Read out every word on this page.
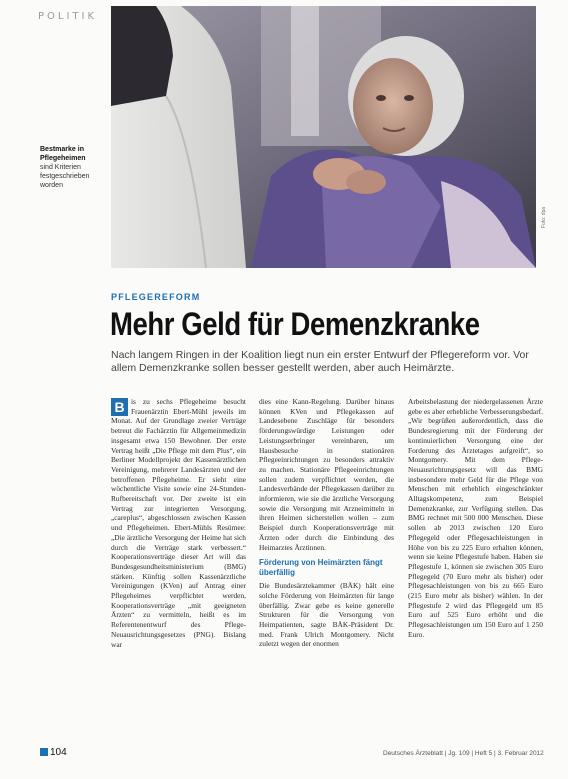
POLITIK
Bestmarke in Pflegeheimen
sind Kriterien festgeschrieben worden
Foto: dpa
PFLEGEREFORM
Mehr Geld für Demenzkranke
Nach langem Ringen in der Koalition liegt nun ein erster Entwurf der Pflegereform vor. Vor allem Demenzkranke sollen besser gestellt werden, aber auch Heimärzte.
B is zu sechs Pflegeheime besucht Frauenärztin Ebert-Mühl jeweils im Monat. Auf der Grundlage zweier Verträge betreut die Fachärztin für Allgemeinmedizin insgesamt etwa 150 Bewohner. Der erste Vertrag heißt „Die Pflege mit dem Plus“, ein Berliner Modellprojekt der Kassenärztlichen Vereinigung, mehrerer Landesärzten und der betroffenen Pflegeheime. Er sieht eine wöchentliche Visite sowie eine 24-Stunden-Rufbereitschaft vor. Der zweite ist ein Vertrag zur integrierten Versorgung, „careplus“, abgeschlossen zwischen Kassen und Pflegeheimen. Ebert-Mühls Resümee: „Die ärztliche Versorgung der Heime hat sich durch die Verträge stark verbessert.“ Kooperationsverträge dieser Art will das Bundesgesundheitsministerium (BMG) stärken. Künftig sollen Kassenärztliche Vereinigungen (KVen) auf Antrag einer Pflegeheimes verpflichtet werden, Kooperationsverträge „mit geeigneten Ärzten“ zu vermitteln, heißt es im Referentenentwurf des Pflege-Neuausrichtungsgesetzes (PNG). Bislang war

dies eine Kann-Regelung. Darüber hinaus können KVen und Pflegekassen auf Landesebene Zuschläge für besonders förderungswürdige Leistungen oder Leistungserbringer vereinbaren, um Hausbesuche in stationären Pflegeeinrichtungen zu besonders attraktiv zu machen. Stationäre Pflegeeinrichtungen sollen zudem verpflichtet werden, die Landesverbände der Pflegekassen darüber zu informieren, wie sie die ärztliche Versorgung sowie die Versorgung mit Arzneimitteln in ihren Heimen sicherstellen wollen – zum Beispiel durch Kooperationsverträge mit Ärzten oder durch die Einbindung des Heimarztes Ärztinnen.

Förderung von Heimärzten fängt überfällig

Die Bundesärztekammer (BÄK) hält eine solche Förderung von Heimärzten für lange überfällig. Zwar gebe es keine generelle Strukturen für die Versorgung von Heimpatienten, sagte BÄK-Präsident Dr. med. Frank Ulrich Montgomery. Nicht zuletzt wegen der enormen

Arbeitsbelastung der niedergelassenen Ärzte gebe es aber erhebliche Verbesserungsbedarf. „Wir begrüßen außerordentlich, dass die Bundesregierung mit der Förderung der kontinuierlichen Versorgung eine der Forderung des Ärztetages aufgreift“, so Montgomery. Mit dem Pflege-Neuausrichtungsgesetz will das BMG insbesondere mehr Geld für die Pflege von Menschen mit erheblich eingeschränkter Alltagskompetenz, zum Beispiel Demenzkranke, zur Verfügung stellen. Das BMG rechnet mit 500 000 Menschen. Diese sollen ab 2013 zwischen 120 Euro Pflegegeld oder Pflegesachleistungen in Höhe von bis zu 225 Euro erhalten können, wenn sie keine Pflegestufe haben. Haben sie Pflegestufe 1, können sie zwischen 305 Euro Pflegegeld (70 Euro mehr als bisher) oder Pflegesachleistungen von bis zu 665 Euro (215 Euro mehr als bisher) wählen. In der Pflegestufe 2 wird das Pflegegeld um 85 Euro auf 525 Euro erhöht und die Pflegesachleistungen um 150 Euro auf 1 250 Euro.

104	Deutsches Ärzteblatt | Jg. 109 | Heft 5 | 3. Februar 2012
